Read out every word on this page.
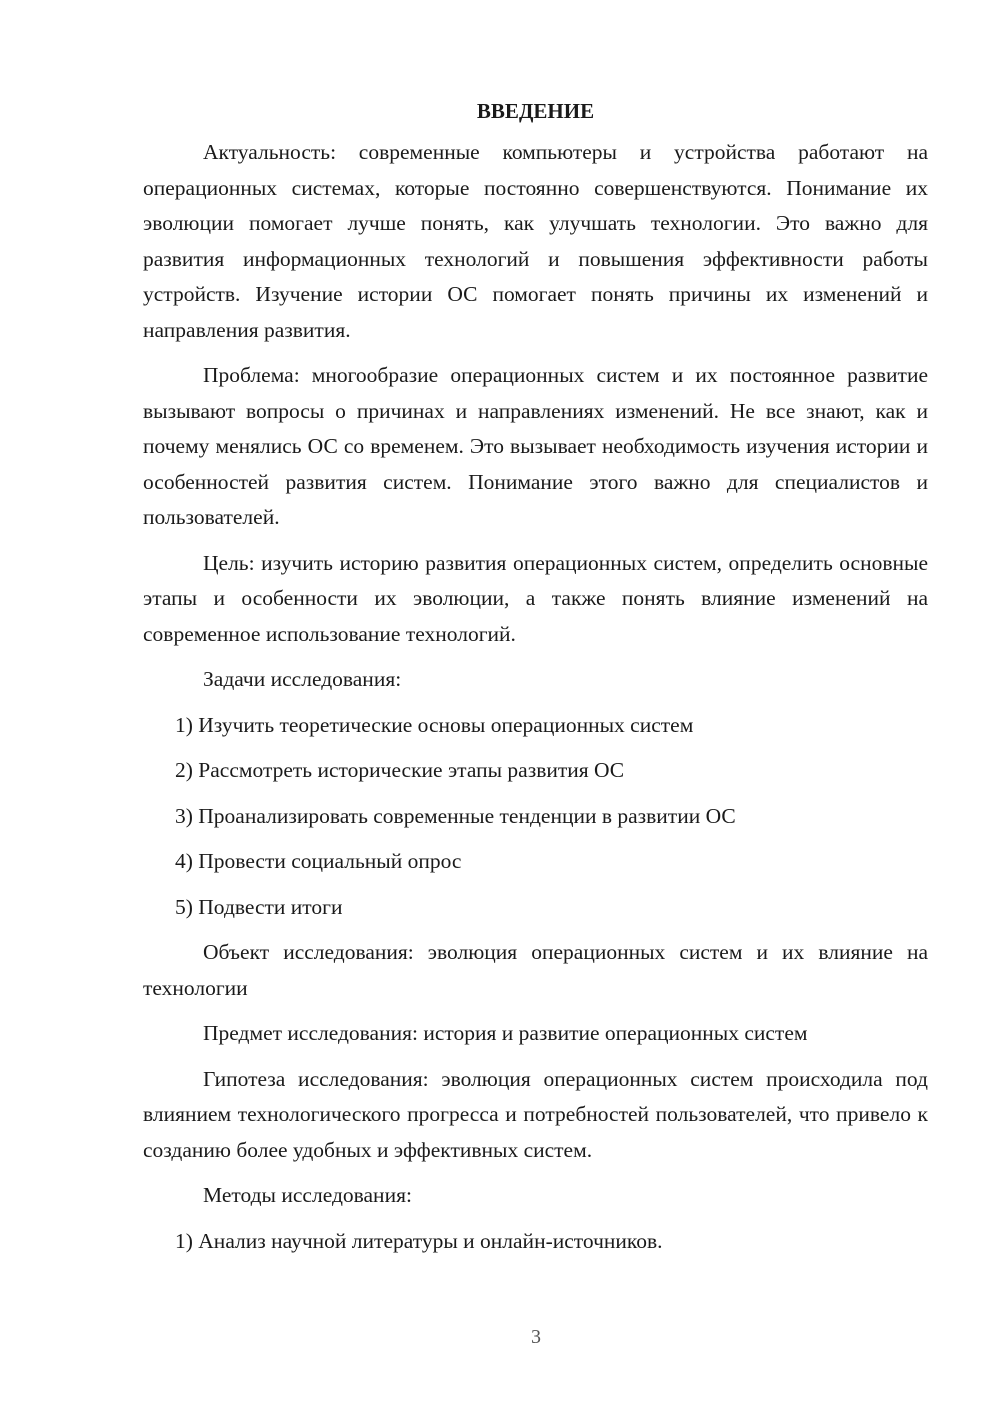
ВВЕДЕНИЕ

Актуальность: современные компьютеры и устройства работают на операционных системах, которые постоянно совершенствуются. Понимание их эволюции помогает лучше понять, как улучшать технологии. Это важно для развития информационных технологий и повышения эффективности работы устройств. Изучение истории ОС помогает понять причины их изменений и направления развития.

Проблема: многообразие операционных систем и их постоянное развитие вызывают вопросы о причинах и направлениях изменений. Не все знают, как и почему менялись ОС со временем. Это вызывает необходимость изучения истории и особенностей развития систем. Понимание этого важно для специалистов и пользователей.

Цель: изучить историю развития операционных систем, определить основные этапы и особенности их эволюции, а также понять влияние изменений на современное использование технологий.

Задачи исследования:

1) Изучить теоретические основы операционных систем
2) Рассмотреть исторические этапы развития ОС
3) Проанализировать современные тенденции в развитии ОС
4) Провести социальный опрос
5) Подвести итоги

Объект исследования: эволюция операционных систем и их влияние на технологии

Предмет исследования: история и развитие операционных систем

Гипотеза исследования: эволюция операционных систем происходила под влиянием технологического прогресса и потребностей пользователей, что привело к созданию более удобных и эффективных систем.

Методы исследования:

1) Анализ научной литературы и онлайн-источников.
3
